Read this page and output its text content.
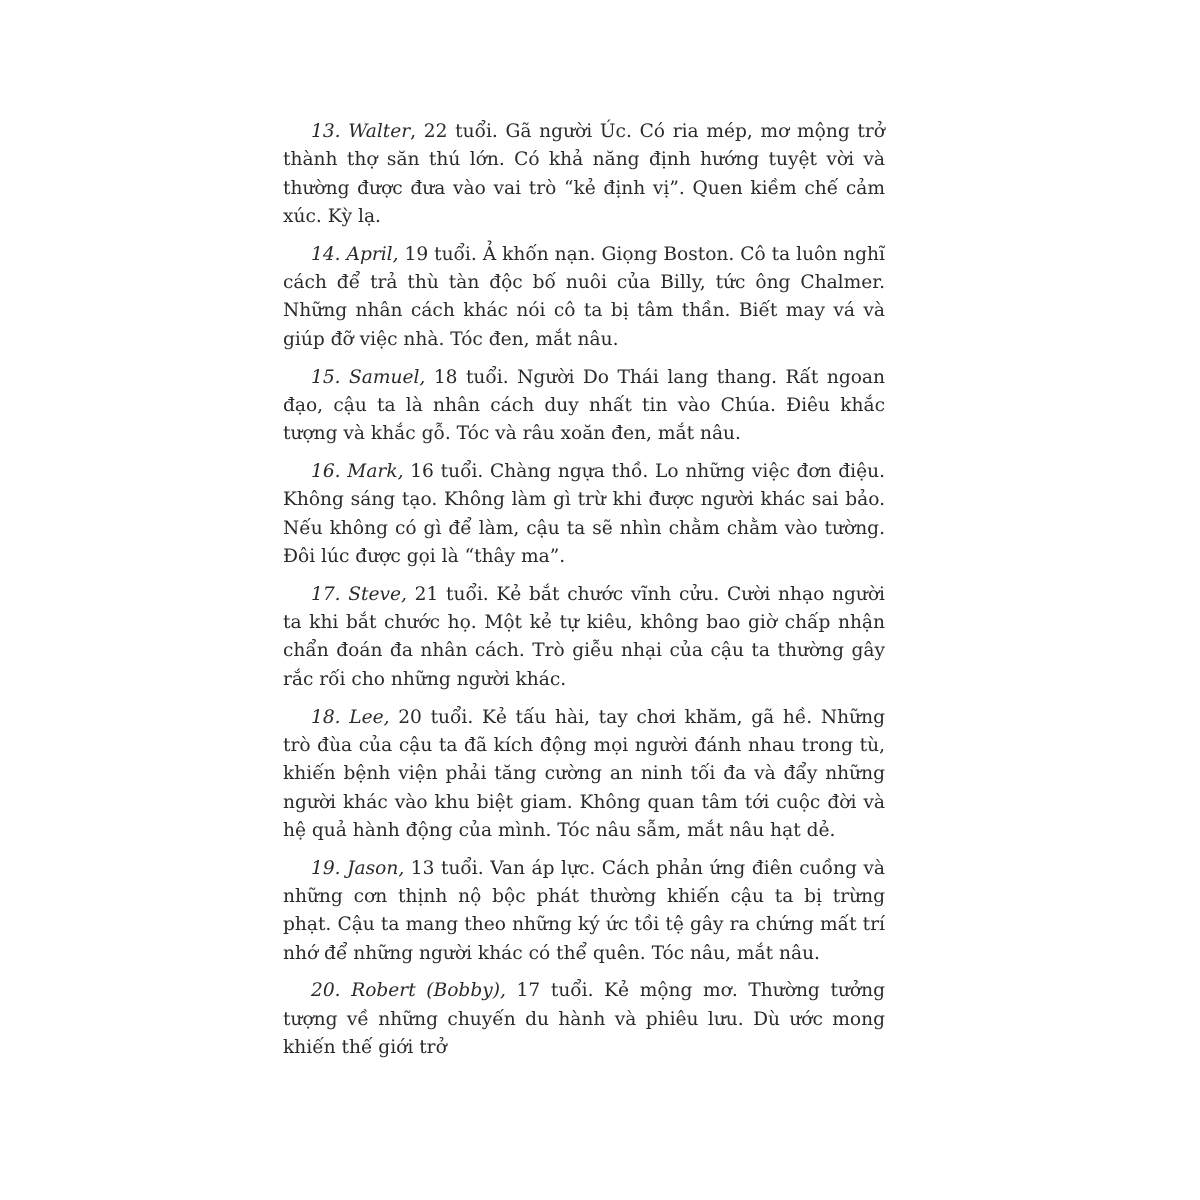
13. Walter, 22 tuổi. Gã người Úc. Có ria mép, mơ mộng trở thành thợ săn thú lớn. Có khả năng định hướng tuyệt vời và thường được đưa vào vai trò “kẻ định vị”. Quen kiềm chế cảm xúc. Kỳ lạ.

14. April, 19 tuổi. Ả khốn nạn. Giọng Boston. Cô ta luôn nghĩ cách để trả thù tàn độc bố nuôi của Billy, tức ông Chalmer. Những nhân cách khác nói cô ta bị tâm thần. Biết may vá và giúp đỡ việc nhà. Tóc đen, mắt nâu.

15. Samuel, 18 tuổi. Người Do Thái lang thang. Rất ngoan đạo, cậu ta là nhân cách duy nhất tin vào Chúa. Điêu khắc tượng và khắc gỗ. Tóc và râu xoăn đen, mắt nâu.

16. Mark, 16 tuổi. Chàng ngựa thồ. Lo những việc đơn điệu. Không sáng tạo. Không làm gì trừ khi được người khác sai bảo. Nếu không có gì để làm, cậu ta sẽ nhìn chằm chằm vào tường. Đôi lúc được gọi là “thây ma”.

17. Steve, 21 tuổi. Kẻ bắt chước vĩnh cửu. Cười nhạo người ta khi bắt chước họ. Một kẻ tự kiêu, không bao giờ chấp nhận chẩn đoán đa nhân cách. Trò giễu nhại của cậu ta thường gây rắc rối cho những người khác.

18. Lee, 20 tuổi. Kẻ tấu hài, tay chơi khăm, gã hề. Những trò đùa của cậu ta đã kích động mọi người đánh nhau trong tù, khiến bệnh viện phải tăng cường an ninh tối đa và đẩy những người khác vào khu biệt giam. Không quan tâm tới cuộc đời và hệ quả hành động của mình. Tóc nâu sẫm, mắt nâu hạt dẻ.

19. Jason, 13 tuổi. Van áp lực. Cách phản ứng điên cuồng và những cơn thịnh nộ bộc phát thường khiến cậu ta bị trừng phạt. Cậu ta mang theo những ký ức tồi tệ gây ra chứng mất trí nhớ để những người khác có thể quên. Tóc nâu, mắt nâu.

20. Robert (Bobby), 17 tuổi. Kẻ mộng mơ. Thường tưởng tượng về những chuyến du hành và phiêu lưu. Dù ước mong khiến thế giới trở
